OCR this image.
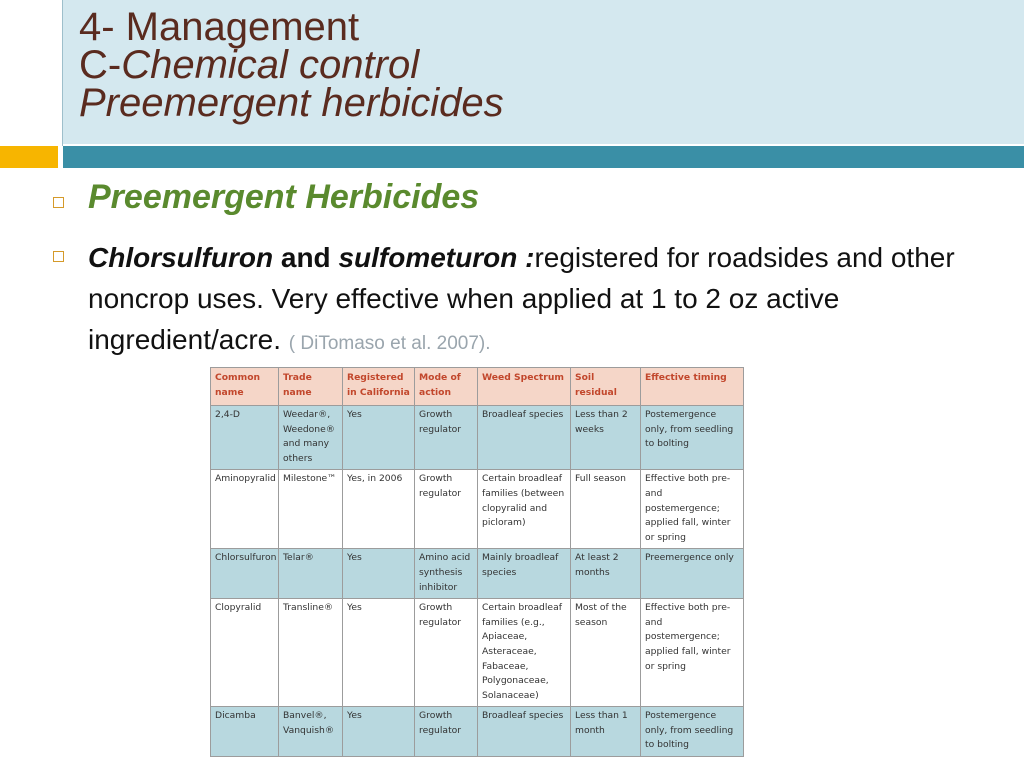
4- Management
C-Chemical control
Preemergent herbicides
Preemergent Herbicides

Chlorsulfuron and sulfometuron :registered for roadsides and other noncrop uses. Very effective when applied at 1 to 2 oz active ingredient/acre. ( DiTomaso et al. 2007).

Common name	Trade name	Registered in California	Mode of action	Weed Spectrum	Soil residual	Effective timing
2,4-D	Weedar®, Weedone® and many others	Yes	Growth regulator	Broadleaf species	Less than 2 weeks	Postemergence only, from seedling to bolting
Aminopyralid	Milestone™	Yes, in 2006	Growth regulator	Certain broadleaf families (between clopyralid and picloram)	Full season	Effective both pre- and postemergence; applied fall, winter or spring
Chlorsulfuron	Telar®	Yes	Amino acid synthesis inhibitor	Mainly broadleaf species	At least 2 months	Preemergence only
Clopyralid	Transline®	Yes	Growth regulator	Certain broadleaf families (e.g., Apiaceae, Asteraceae, Fabaceae, Polygonaceae, Solanaceae)	Most of the season	Effective both pre- and postemergence; applied fall, winter or spring
Dicamba	Banvel®, Vanquish®	Yes	Growth regulator	Broadleaf species	Less than 1 month	Postemergence only, from seedling to bolting
